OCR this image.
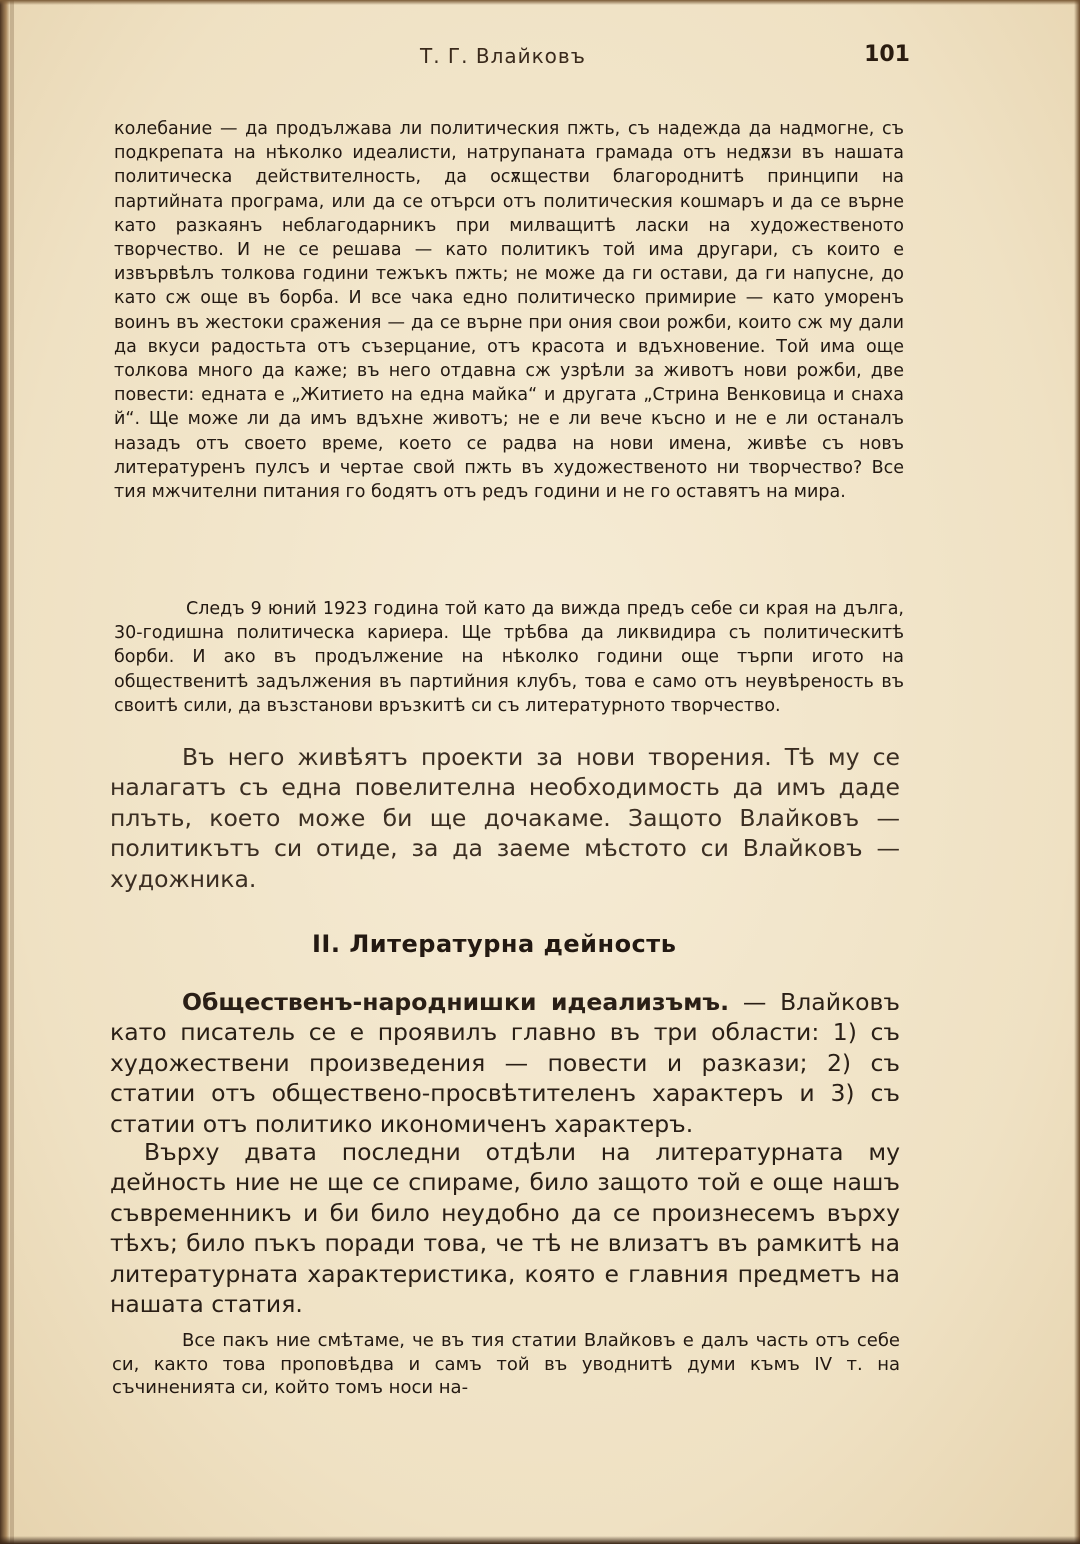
Т. Г. Влайковъ	101

колебание — да продължава ли политическия пжть, съ надежда да надмогне, съ подкрепата на нѣколко идеалисти, натрупаната грамада отъ недѫзи въ нашата политическа действителность, да осѫществи благороднитѣ принципи на партийната програма, или да се отърси отъ политическия кошмаръ и да се върне като разкаянъ неблагодарникъ при милващитѣ ласки на художественото творчество. И не се решава — като политикъ той има другари, съ които е извървѣлъ толкова години тежъкъ пжть; не може да ги остави, да ги напусне, до като сж още въ борба. И все чака едно политическо примирие — като уморенъ воинъ въ жестоки сражения — да се върне при ония свои рожби, които сж му дали да вкуси радостьта отъ съзерцание, отъ красота и вдъхновение. Той има още толкова много да каже; въ него отдавна сж узрѣли за животъ нови рожби, две повести: едната е „Житието на една майка“ и другата „Стрина Венковица и снаха й“. Ще може ли да имъ вдъхне животъ; не е ли вече късно и не е ли останалъ назадъ отъ своето време, което се радва на нови имена, живѣе съ новъ литературенъ пулсъ и чертае свой пжть въ художественото ни творчество? Все тия мжчителни питания го бодятъ отъ редъ години и не го оставятъ на мира.

Следъ 9 юний 1923 година той като да вижда предъ себе си края на дълга, 30-годишна политическа кариера. Ще трѣбва да ликвидира съ политическитѣ борби. И ако въ продължение на нѣколко години още търпи игото на общественитѣ задължения въ партийния клубъ, това е само отъ неувѣреность въ своитѣ сили, да възстанови връзкитѣ си съ литературното творчество.

Въ него живѣятъ проекти за нови творения. Тѣ му се налагатъ съ една повелителна необходимость да имъ даде плъть, което може би ще дочакаме. Защото Влайковъ — политикътъ си отиде, за да заеме мѣстото си Влайковъ — художника.

II. Литературна дейность

Общественъ-народнишки идеализъмъ. — Влайковъ като писатель се е проявилъ главно въ три области: 1) съ художествени произведения — повести и разкази; 2) съ статии отъ обществено-просвѣтителенъ характеръ и 3) съ статии отъ политико икономиченъ характеръ.

Върху двата последни отдѣли на литературната му дейность ние не ще се спираме, било защото той е още нашъ съвременникъ и би било неудобно да се произнесемъ върху тѣхъ; било пъкъ поради това, че тѣ не влизатъ въ рамкитѣ на литературната характеристика, която е главния предметъ на нашата статия.

Все пакъ ние смѣтаме, че въ тия статии Влайковъ е далъ часть отъ себе си, както това проповѣдва и самъ той въ уводнитѣ думи къмъ IV т. на съчиненията си, който томъ носи на-
